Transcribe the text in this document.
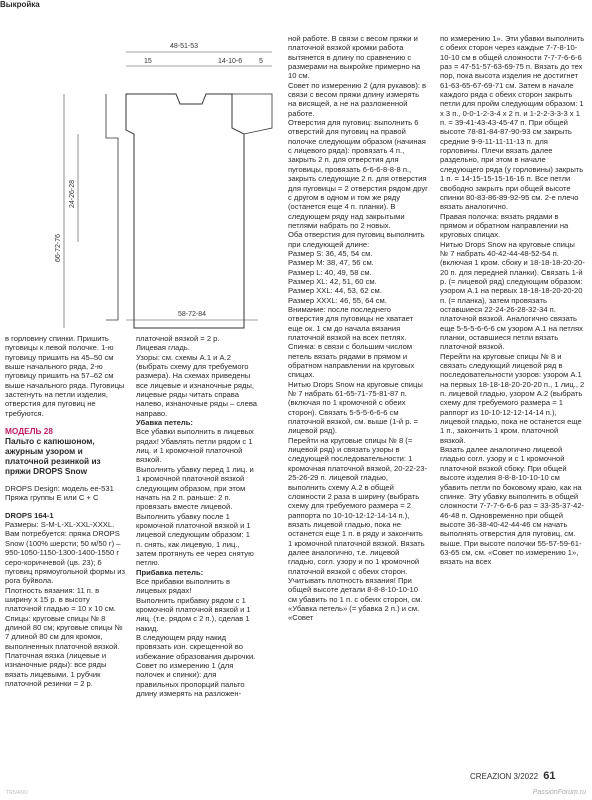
Выкройка
48-51-53
15	14-10-6 5
24-26-28
66-72-76
58-72-84

в горловину спинки. Пришить пуговицы к левой полочке. 1-ю пуговицу пришить на 45–50 см выше начального ряда, 2-ю пуговицу пришить на 57–62 см выше начального ряда. Пуговицы застегнуть на петли изделия, отверстия для пуговиц не требуются.

МОДЕЛЬ 28

Пальто с капюшоном, ажурным узором и платочной резинкой из пряжи DROPS Snow

DROPS Design: модель ee-531 Пряжа группы E или C + C

DROPS 164-1

Размеры: S-M-L-XL-XXL-XXXL.

Вам потребуется: пряжа DROPS Snow (100% шерсти; 50 м/50 г) – 950-1050-1150-1300-1400-1550 г серо-коричневой (цв. 23); 6 пуговиц прямоугольной формы из рога буйвола.

Плотность вязания: 11 п. в ширину х 15 р. в высоту платочной гладью = 10 х 10 см.

Спицы: круговые спицы № 8 длиной 80 см; круговые спицы № 7 длиной 80 см для кромок, выполненных платочной вязкой.

Платочная вязка (лицевые и изнаночные ряды): все ряды вязать лицевыми. 1 рубчик платочной резинки = 2 р.

платочной вязкой = 2 р.

Лицевая гладь.

Узоры: см. схемы А.1 и А.2 (выбрать схему для требуемого размера). На схемах приведены все лицевые и изнаночные ряды, лицевые ряды читать справа налево, изнаночные ряды – слева направо.

Убавка петель:

Все убавки выполнить в лицевых рядах! Убавлять петли рядом с 1 лиц. и 1 кромочной платочной вязкой.

Выполнить убавку перед 1 лиц. и 1 кромочной платочной вязкой следующим образом, при этом начать на 2 п. раньше: 2 п. провязать вместе лицевой.

Выполнить убавку после 1 кромочной платочной вязкой и 1 лицевой следующим образом: 1 п. снять, как лицевую, 1 лиц., затем протянуть ее через снятую петлю.

Прибавка петель:

Все прибавки выполнить в лицевых рядах!

Выполнить прибавку рядом с 1 кромочной платочной вязкой и 1 лиц. (т.е. рядом с 2 п.), сделав 1 накид.

В следующем ряду накид провязать изн. скрещенной во избежание образования дырочки.

Совет по измерению 1 (для полочек и спинки): для правильных пропорций пальто длину измерять на разложен-

ной работе. В связи с весом пряжи и платочной вязкой кромки работа вытянется в длину по сравнению с размерами на выкройке примерно на 10 см.

Совет по измерению 2 (для рукавов): в связи с весом пряжи длину измерять на висящей, а не на разложенной работе.

Отверстия для пуговиц: выполнить 6 отверстий для пуговиц на правой полочке следующим образом (начиная с лицевого ряда): провязать 4 п., закрыть 2 п. для отверстия для пуговицы, провязать 6-6-6-8-8-8 п., закрыть следующие 2 п. для отверстия для пуговицы = 2 отверстия рядом друг с другом в одном и том же ряду (останется еще 4 п. планки). В следующем ряду над закрытыми петлями набрать по 2 новых.

Оба отверстия для пуговиц выполнить при следующей длине:

Размер S: 36, 45, 54 см.

Размер M: 38, 47, 56 см.

Размер L: 40, 49, 58 см.

Размер XL: 42, 51, 60 см.

Размер XXL: 44, 53, 62 см.

Размер XXXL: 46, 55, 64 см.

Внимание: после последнего отверстия для пуговицы не хватает еще ок. 1 см до начала вязания платочной вязкой на всех петлях.

Спинка: в связи с большим числом петель вязать рядами в прямом и обратном направлении на круговых спицах.

Нитью Drops Snow на круговые спицы № 7 набрать 61-65-71-75-81-87 п. (включая по 1 кромочной с обеих сторон). Связать 5-5-5-6-6-6 см платочной вязкой, см. выше (1-й р. = лицевой ряд).

Перейти на круговые спицы № 8 (= лицевой ряд) и связать узоры в следующей последовательности: 1 кромочная платочной вязкой, 20-22-23-25-26-29 п. лицевой гладью, выполнить схему А.2 в общей сложности 2 раза в ширину (выбрать схему для требуемого размера = 2 раппорта по 10-10-12-12-14-14 п.), вязать лицевой гладью, пока не останется еще 1 п. в ряду и закончить 1 кромочной платочной вязкой. Вязать далее аналогично, т.е. лицевой гладью, согл. узору и по 1 кромочной платочной вязкой с обеих сторон. Учитывать плотность вязания! При общей высоте детали 8-8-8-10-10-10 см убавить по 1 п. с обеих сторон, см. «Убавка петель» (= убавка 2 п.) и см. «Совет

по измерению 1». Эти убавки выполнить с обеих сторон через каждые 7-7-8-10-10-10 см в общей сложности 7-7-7-6-6-6 раз = 47-51-57-63-69-75 п. Вязать до тех пор, пока высота изделия не достигнет 61-63-65-67-69-71 см. Затем в начале каждого ряда с обеих сторон закрыть петли для пройм следующим образом: 1 х 3 п., 0-0-1-2-3-4 х 2 п. и 1-2-2-3-3-3 х 1 п. = 39-41-43-43-45-47 п. При общей высоте 78-81-84-87-90-93 см закрыть средние 9-9-11-11-11-13 п. для горловины. Плечи вязать далее раздельно, при этом в начале следующего ряда (у горловины) закрыть 1 п. = 14-15-15-15-16-16 п. Все петли свободно закрыть при общей высоте спинки 80-83-86-89-92-95 см. 2-е плечо вязать аналогично.

Правая полочка: вязать рядами в прямом и обратном направлении на круговых спицах.

Нитью Drops Snow на круговые спицы № 7 набрать 40-42-44-48-52-54 п. (включая 1 кром. сбоку и 18-18-18-20-20-20 п. для передней планки). Связать 1-й р. (= лицевой ряд) следующим образом: узором А.1 на первых 18-18-18-20-20-20 п. (= планка), затем провязать оставшиеся 22-24-26-28-32-34 п. платочной вязкой. Аналогично связать еще 5-5-5-6-6-6 см узором А.1 на петлях планки, оставшиеся петли вязать платочной вязкой.

Перейти на круговые спицы № 8 и связать следующий лицевой ряд в последовательности узоров: узором А.1 на первых 18-18-18-20-20-20 п., 1 лиц., 2 п. лицевой гладью, узором А.2 (выбрать схему для требуемого размера = 1 раппорт из 10-10-12-12-14-14 п.), лицевой гладью, пока не останется еще 1 п., закончить 1 кром. платочной вязкой.

Вязать далее аналогично лицевой гладью согл. узору и с 1 кромочной платочной вязкой сбоку. При общей высоте изделия 8-8-8-10-10-10 см убавить петли по боковому краю, как на спинке. Эту убавку выполнить в общей сложности 7-7-7-6-6-6 раз = 33-35-37-42-46-48 п. Одновременно при общей высоте 36-38-40-42-44-46 см начать выполнять отверстия для пуговиц, см. выше. При высоте полочки 55-57-59-61-63-65 см, см. «Совет по измерению 1», вязать на всех

CREAZION 3/2022 61
PassionForum.ru
TRIVANO
